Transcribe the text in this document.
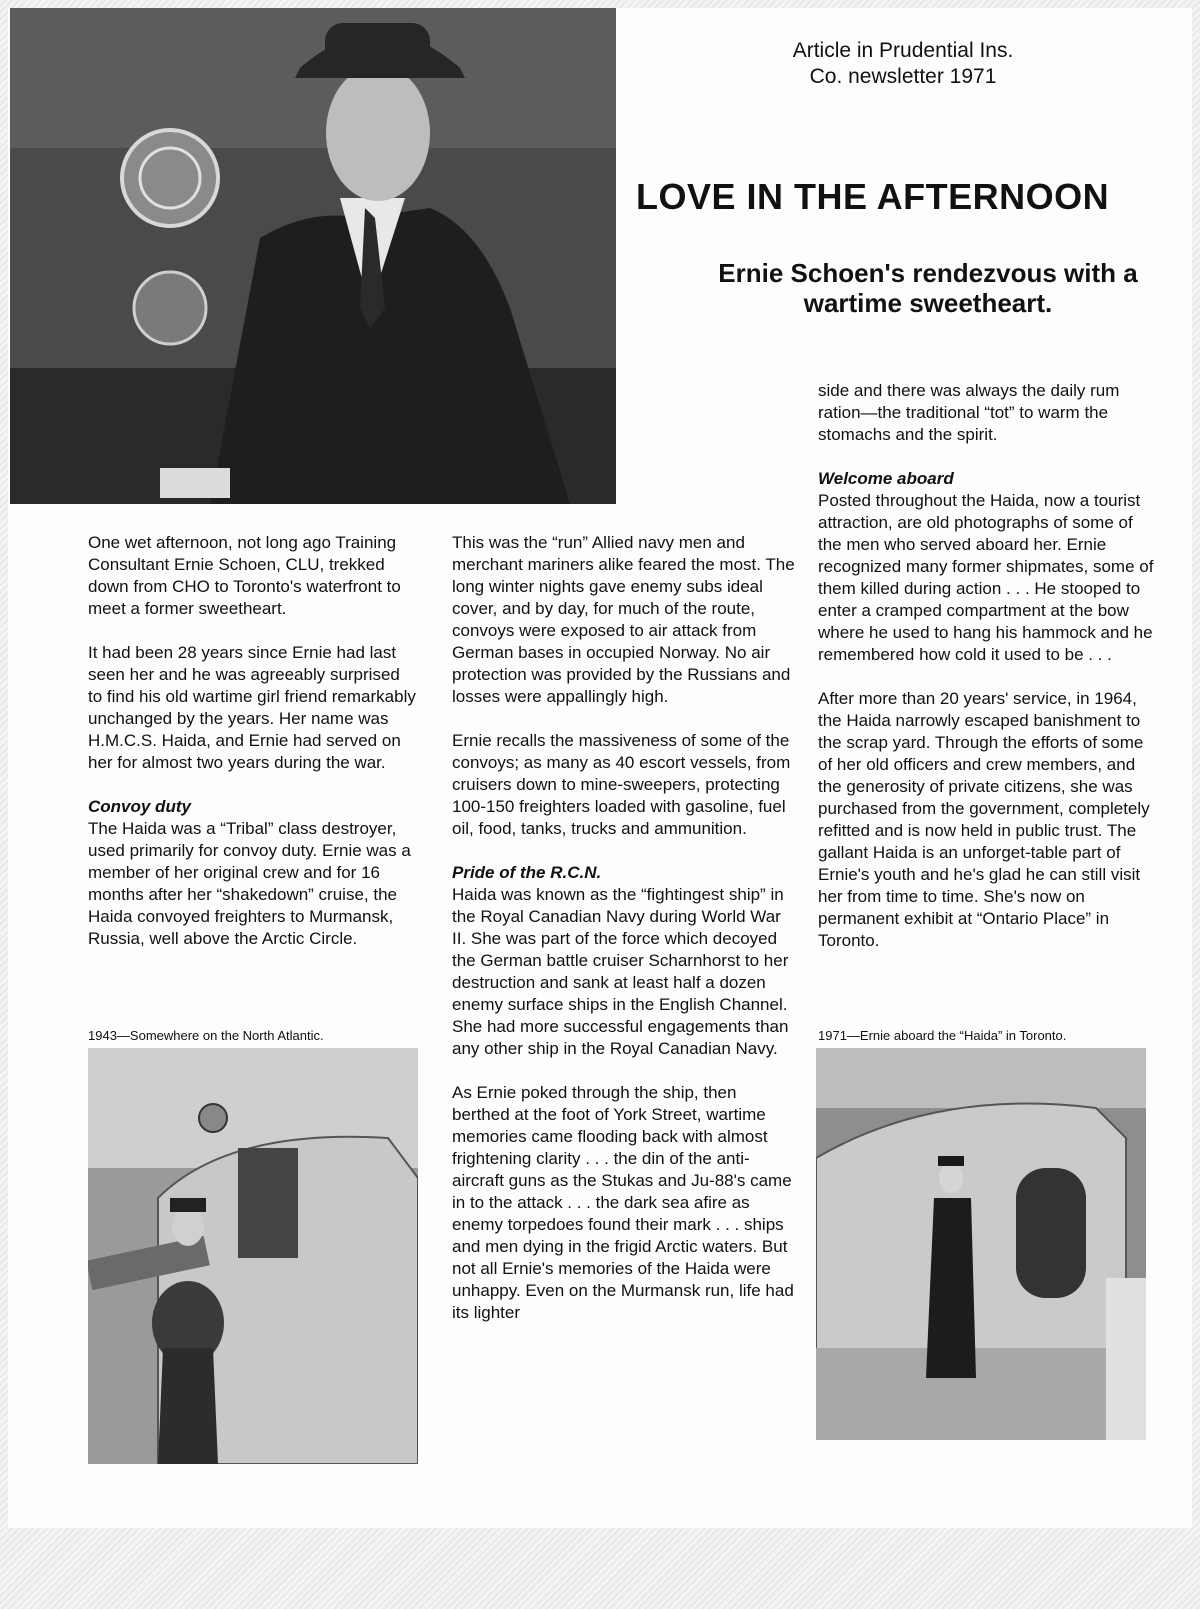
Article in Prudential Ins. Co. newsletter 1971
LOVE IN THE AFTERNOON
Ernie Schoen's rendezvous with a wartime sweetheart.

One wet afternoon, not long ago Training Consultant Ernie Schoen, CLU, trekked down from CHO to Toronto's waterfront to meet a former sweetheart.

It had been 28 years since Ernie had last seen her and he was agreeably surprised to find his old wartime girl friend remarkably unchanged by the years. Her name was H.M.C.S. Haida, and Ernie had served on her for almost two years during the war.

Convoy duty

The Haida was a “Tribal” class destroyer, used primarily for convoy duty. Ernie was a member of her original crew and for 16 months after her “shakedown” cruise, the Haida convoyed freighters to Murmansk, Russia, well above the Arctic Circle.

1943—Somewhere on the North Atlantic.

This was the “run” Allied navy men and merchant mariners alike feared the most. The long winter nights gave enemy subs ideal cover, and by day, for much of the route, convoys were exposed to air attack from German bases in occupied Norway. No air protection was provided by the Russians and losses were appallingly high.

Ernie recalls the massiveness of some of the convoys; as many as 40 escort vessels, from cruisers down to mine-sweepers, protecting 100-150 freighters loaded with gasoline, fuel oil, food, tanks, trucks and ammunition.

Pride of the R.C.N.

Haida was known as the “fightingest ship” in the Royal Canadian Navy during World War II. She was part of the force which decoyed the German battle cruiser Scharnhorst to her destruction and sank at least half a dozen enemy surface ships in the English Channel. She had more successful engagements than any other ship in the Royal Canadian Navy.

As Ernie poked through the ship, then berthed at the foot of York Street, wartime memories came flooding back with almost frightening clarity . . . the din of the anti-aircraft guns as the Stukas and Ju-88's came in to the attack . . . the dark sea afire as enemy torpedoes found their mark . . . ships and men dying in the frigid Arctic waters. But not all Ernie's memories of the Haida were unhappy. Even on the Murmansk run, life had its lighter

side and there was always the daily rum ration—the traditional “tot” to warm the stomachs and the spirit.

Welcome aboard

Posted throughout the Haida, now a tourist attraction, are old photographs of some of the men who served aboard her. Ernie recognized many former shipmates, some of them killed during action . . . He stooped to enter a cramped compartment at the bow where he used to hang his hammock and he remembered how cold it used to be . . .

After more than 20 years' service, in 1964, the Haida narrowly escaped banishment to the scrap yard. Through the efforts of some of her old officers and crew members, and the generosity of private citizens, she was purchased from the government, completely refitted and is now held in public trust. The gallant Haida is an unforget-table part of Ernie's youth and he's glad he can still visit her from time to time. She's now on permanent exhibit at “Ontario Place” in Toronto.

1971—Ernie aboard the “Haida” in Toronto.
